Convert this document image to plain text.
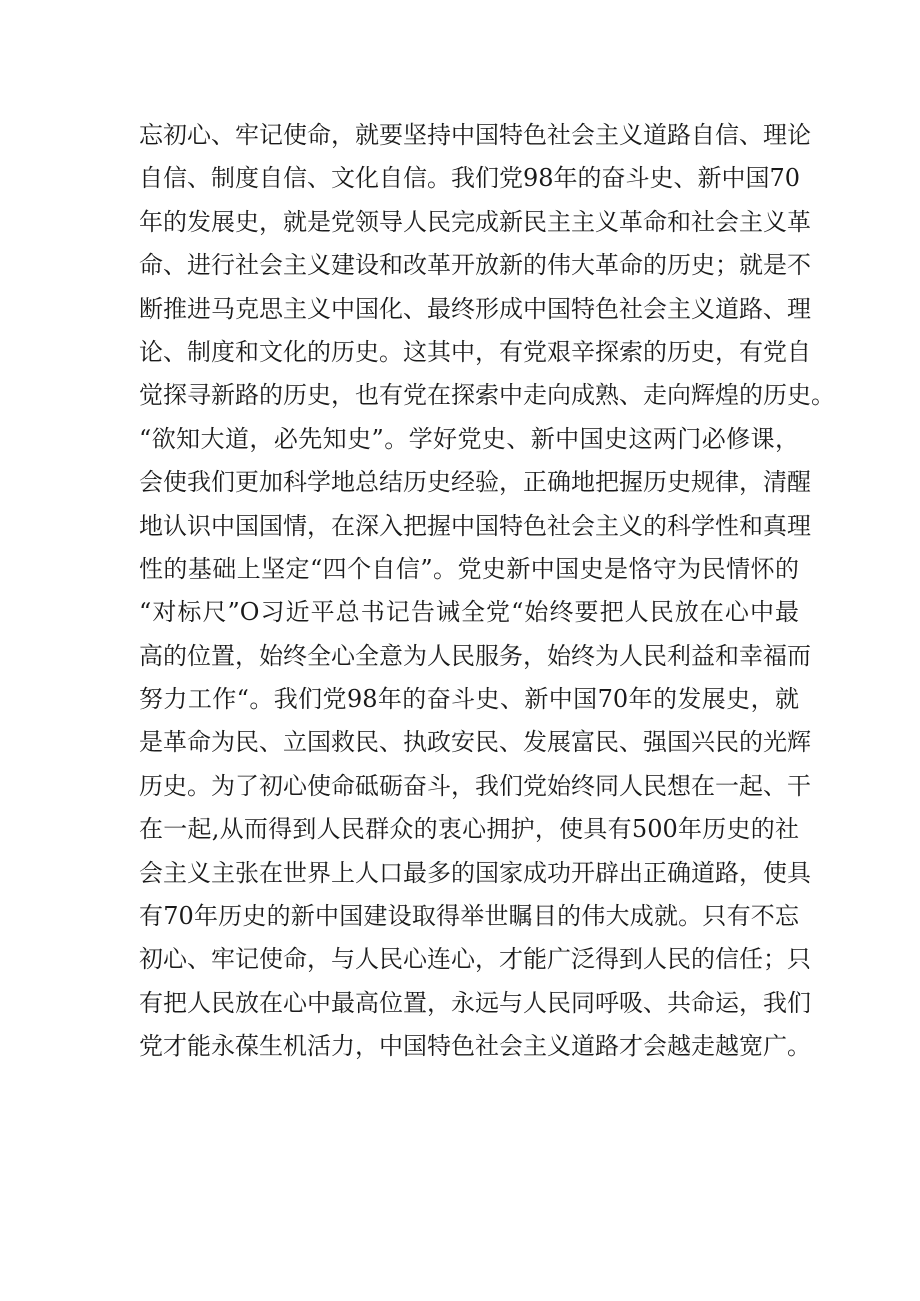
忘初心、牢记使命，就要坚持中国特色社会主义道路自信、理论
自信、制度自信、文化自信。我们党98年的奋斗史、新中国70
年的发展史，就是党领导人民完成新民主主义革命和社会主义革
命、进行社会主义建设和改革开放新的伟大革命的历史；就是不
断推进马克思主义中国化、最终形成中国特色社会主义道路、理
论、制度和文化的历史。这其中，有党艰辛探索的历史，有党自
觉探寻新路的历史，也有党在探索中走向成熟、走向辉煌的历史。
“欲知大道，必先知史”。学好党史、新中国史这两门必修课，
会使我们更加科学地总结历史经验，正确地把握历史规律，清醒
地认识中国国情，在深入把握中国特色社会主义的科学性和真理
性的基础上坚定“四个自信”。党史新中国史是恪守为民情怀的
“对标尺”O习近平总书记告诫全党“始终要把人民放在心中最
高的位置，始终全心全意为人民服务，始终为人民利益和幸福而
努力工作“。我们党98年的奋斗史、新中国70年的发展史，就
是革命为民、立国救民、执政安民、发展富民、强国兴民的光辉
历史。为了初心使命砥砺奋斗，我们党始终同人民想在一起、干
在一起,从而得到人民群众的衷心拥护，使具有500年历史的社
会主义主张在世界上人口最多的国家成功开辟出正确道路，使具
有70年历史的新中国建设取得举世瞩目的伟大成就。只有不忘
初心、牢记使命，与人民心连心，才能广泛得到人民的信任；只
有把人民放在心中最高位置，永远与人民同呼吸、共命运，我们
党才能永葆生机活力，中国特色社会主义道路才会越走越宽广。
